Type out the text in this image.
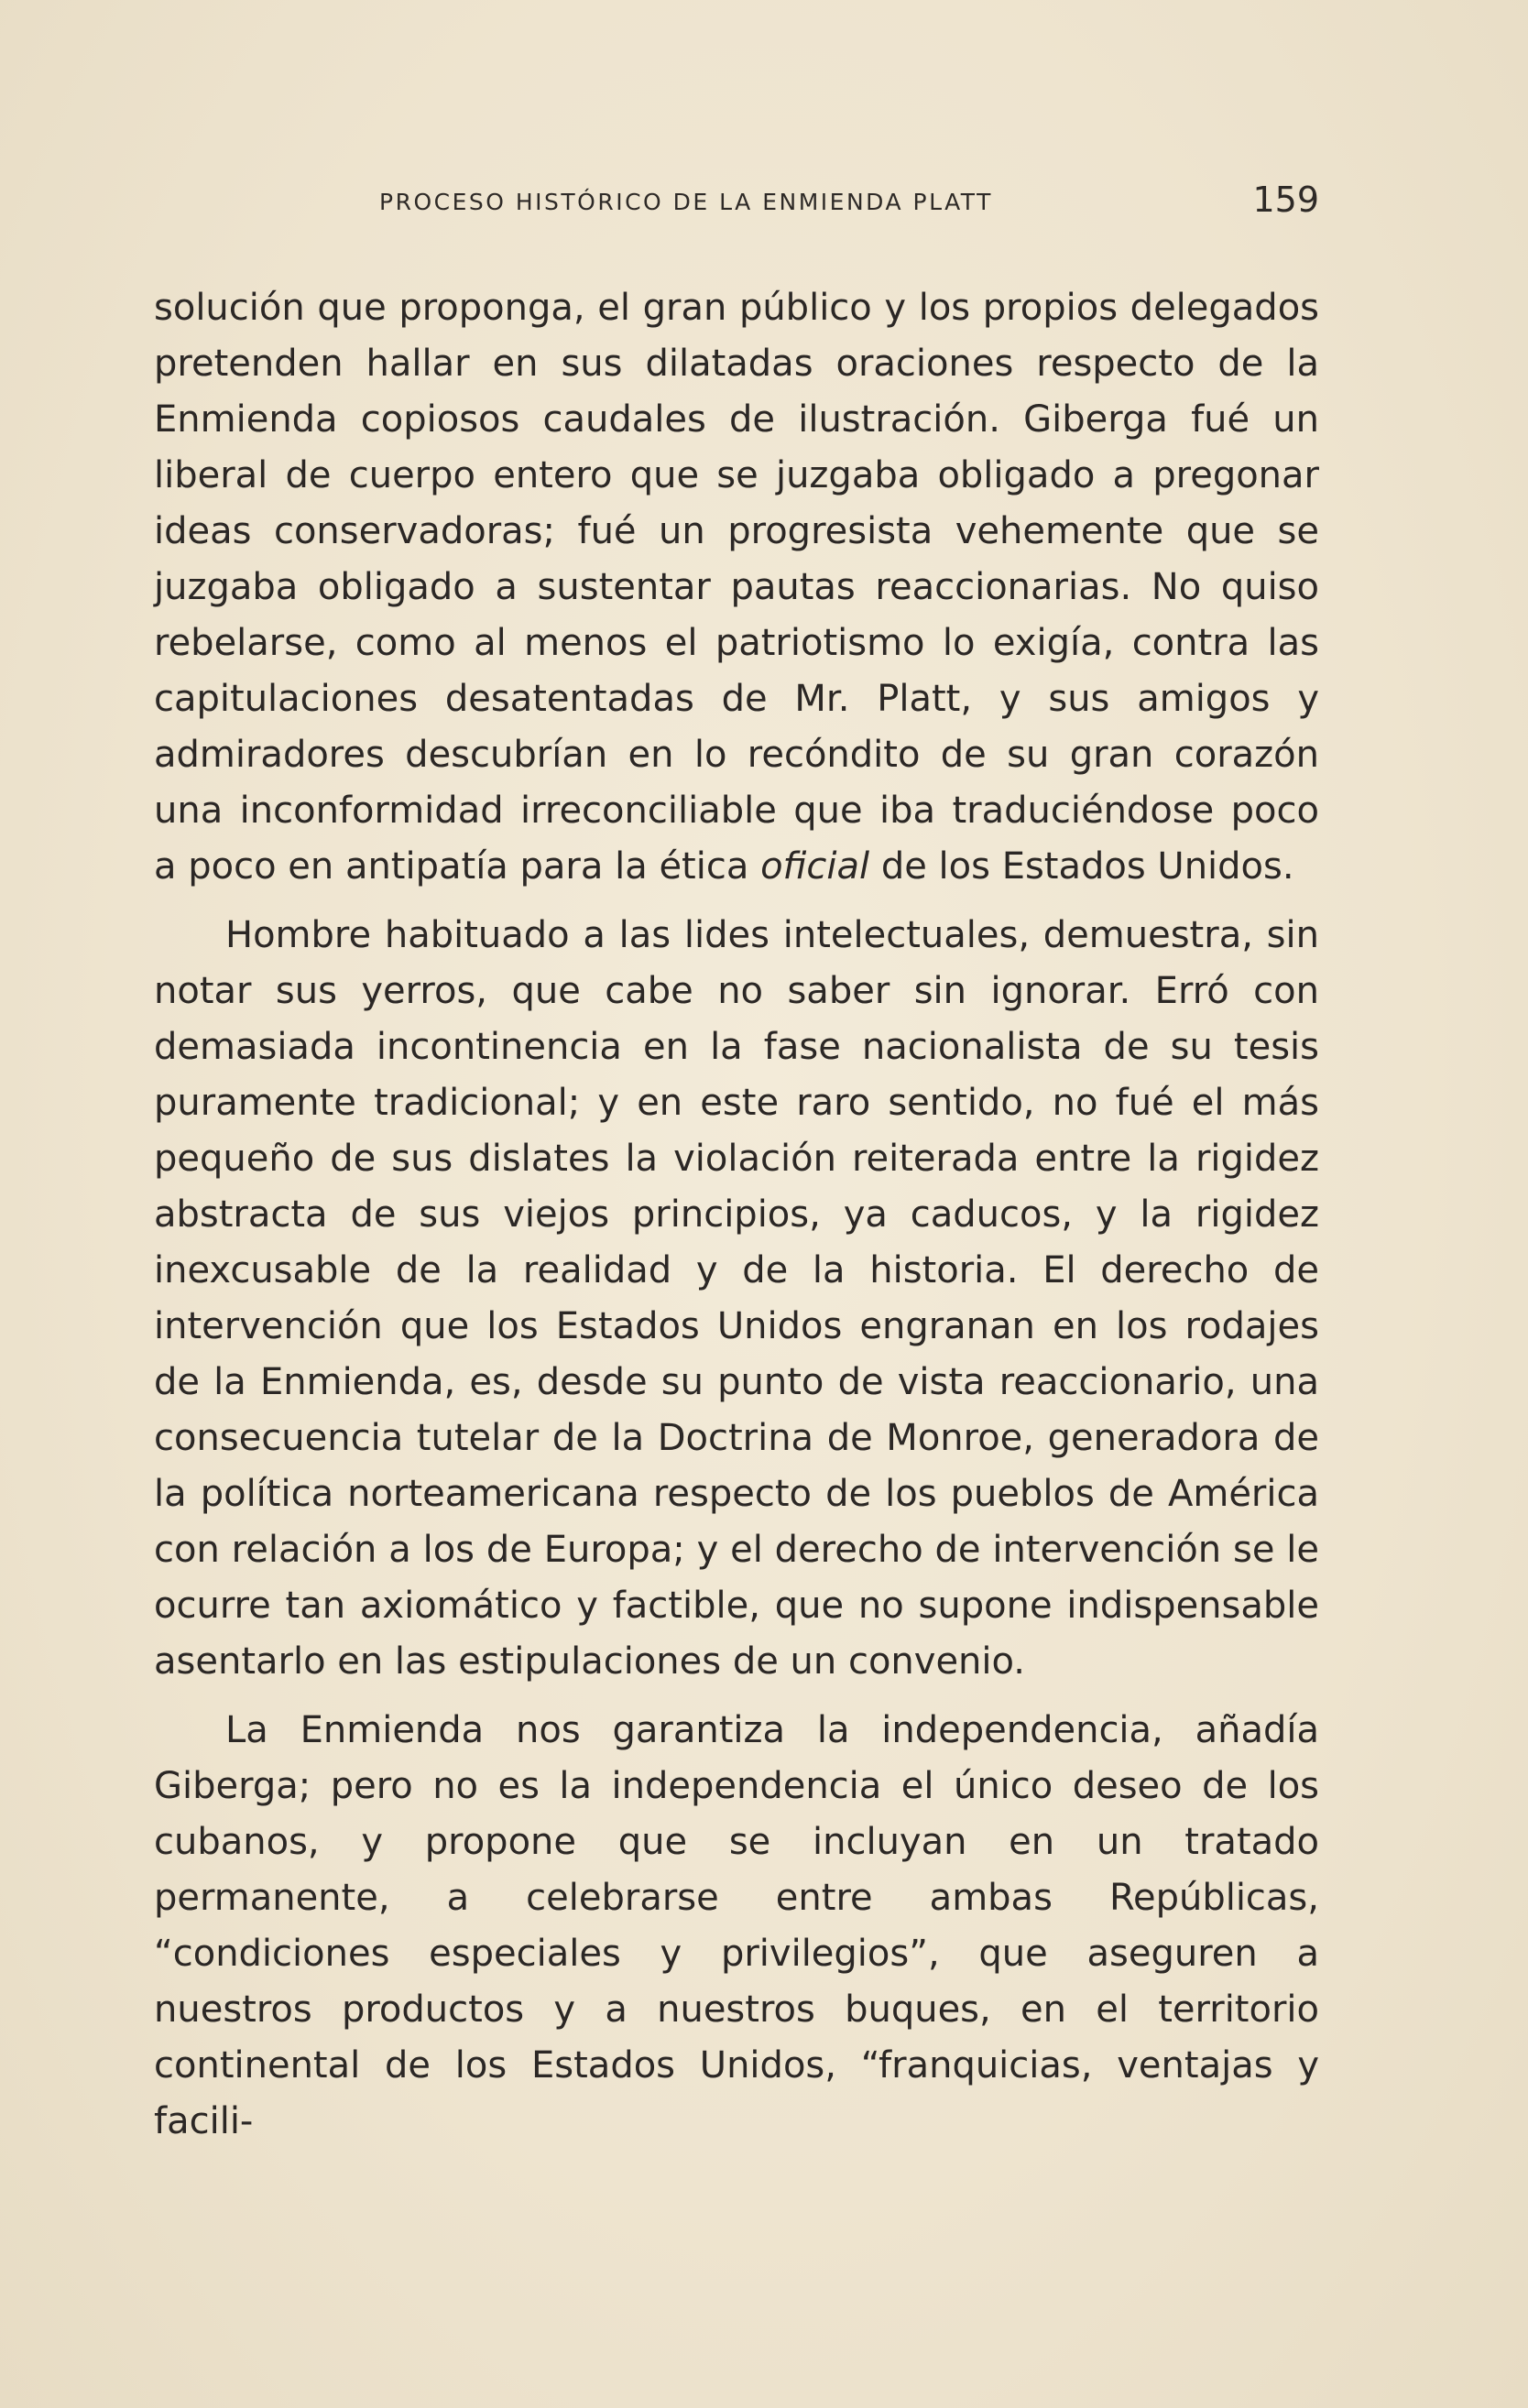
PROCESO HISTÓRICO DE LA ENMIENDA PLATT	159

solución que proponga, el gran público y los propios delegados pretenden hallar en sus dilatadas oraciones respecto de la Enmienda copiosos caudales de ilustración. Giberga fué un liberal de cuerpo entero que se juzgaba obligado a pregonar ideas conservadoras; fué un progresista vehemente que se juzgaba obligado a sustentar pautas reaccionarias. No quiso rebelarse, como al menos el patriotismo lo exigía, contra las capitulaciones desatentadas de Mr. Platt, y sus amigos y admiradores descubrían en lo recóndito de su gran corazón una inconformidad irreconciliable que iba traduciéndose poco a poco en antipatía para la ética oficial de los Estados Unidos.

Hombre habituado a las lides intelectuales, demuestra, sin notar sus yerros, que cabe no saber sin ignorar. Erró con demasiada incontinencia en la fase nacionalista de su tesis puramente tradicional; y en este raro sentido, no fué el más pequeño de sus dislates la violación reiterada entre la rigidez abstracta de sus viejos principios, ya caducos, y la rigidez inexcusable de la realidad y de la historia. El derecho de intervención que los Estados Unidos engranan en los rodajes de la Enmienda, es, desde su punto de vista reaccionario, una consecuencia tutelar de la Doctrina de Monroe, generadora de la política norteamericana respecto de los pueblos de América con relación a los de Europa; y el derecho de intervención se le ocurre tan axiomático y factible, que no supone indispensable asentarlo en las estipulaciones de un convenio.

La Enmienda nos garantiza la independencia, añadía Giberga; pero no es la independencia el único deseo de los cubanos, y propone que se incluyan en un tratado permanente, a celebrarse entre ambas Repúblicas, “condiciones especiales y privilegios”, que aseguren a nuestros productos y a nuestros buques, en el territorio continental de los Estados Unidos, “franquicias, ventajas y facili-
